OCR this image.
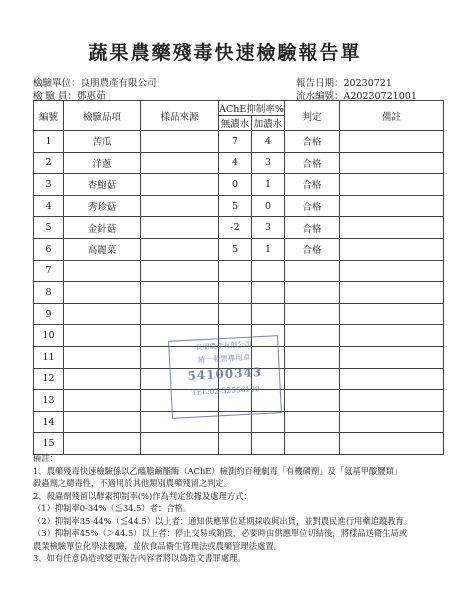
蔬果農藥殘毒快速檢驗報告單
檢驗單位：良朋農產有限公司	報告日期：20230721
檢 驗 員：鄧惠茹	流水編號：A20230721001
編號	檢驗品項	樣品來源	AChE抑制率%		判定	備註
			無濃水	加濃水		
1	苦瓜		7	4	合格	
2	洋蔥		4	3	合格	
3	杏鮑菇		0	1	合格	
4	秀珍菇		5	0	合格	
5	金針菇		-2	3	合格	
6	高麗菜		5	1	合格	
7						
8						
9						
10						
11						
12						
13						
14						
15						
良朋農產有限公司
統一發票專用章
54100343
TEL:02-32556100
備註：
1、農藥殘毒快速檢驗係以乙醯膽鹼酯酶（AChE）檢測約百種劇毒「有機磷劑」及「氨基甲酸鹽類」
殺蟲劑之總毒性，不適用於其他類別農藥殘留之判定。
2、殺蟲劑殘留以酵素抑制率(%)作為判定依據及處理方式：
（1）抑制率0-34%（≦34.5）者：合格。
（2）抑制率35-44%（≦44.5）以上者：通知供應單位延期採收與出貨，並對農民進行用藥追蹤教育。
（3）抑制率45%（＞44.5）以上者：停止交易或銷毀，必要時由供應單位切結後，將樣品送衛生局或
農業檢驗單位化學法複驗，並依食品衛生管理法或農藥管理法處置。
3、如有任意偽造或變更報告內容者將以偽造文書罪處理。
